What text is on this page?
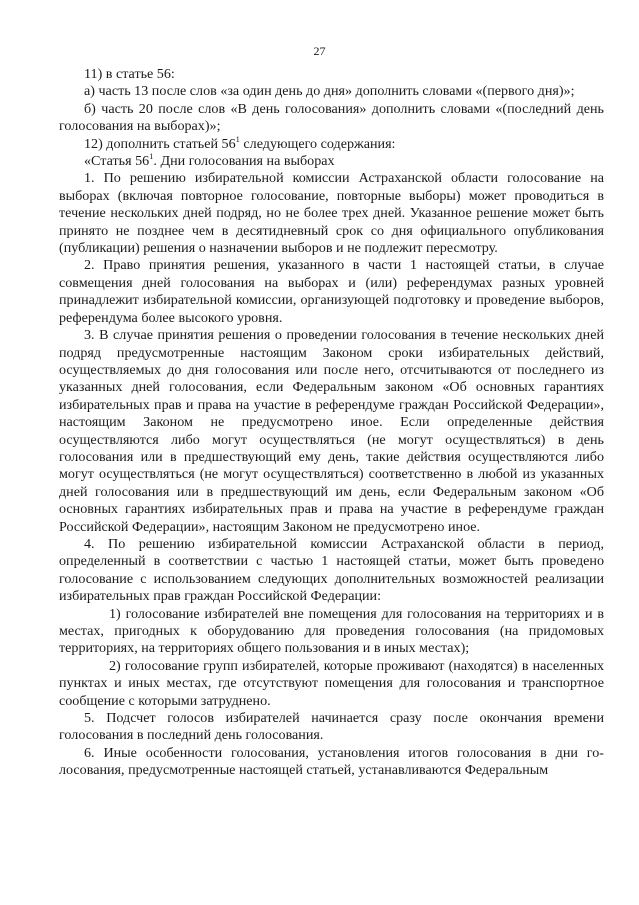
27

11) в статье 56:

а) часть 13 после слов «за один день до дня» дополнить словами «(первого дня)»;

б) часть 20 после слов «В день голосования» дополнить словами «(последний день голосования на выборах)»;

12) дополнить статьей $56^1$ следующего содержания:

«Статья $56^1$. Дни голосования на выборах

1. По решению избирательной комиссии Астраханской области голосование на выборах (включая повторное голосование, повторные выборы) может проводиться в течение нескольких дней подряд, но не более трех дней. Указанное решение может быть принято не позднее чем в десятидневный срок со дня официального опубликования (публикации) решения о назначении выборов и не подлежит пересмотру.

2. Право принятия решения, указанного в части 1 настоящей статьи, в случае совмещения дней голосования на выборах и (или) референдумах разных уровней принадлежит избирательной комиссии, организующей подготовку и проведение выборов, референдума более высокого уровня.

3. В случае принятия решения о проведении голосования в течение нескольких дней подряд предусмотренные настоящим Законом сроки избирательных действий, осуществляемых до дня голосования или после него, отсчитываются от последнего из указанных дней голосования, если Федеральным законом «Об основных гарантиях избирательных прав и права на участие в референдуме граждан Российской Федерации», настоящим Законом не предусмотрено иное. Если определенные действия осуществляются либо могут осуществляться (не могут осуществляться) в день голосования или в предшествующий ему день, такие действия осуществляются либо могут осуществляться (не могут осуществляться) соответственно в любой из указанных дней голосования или в предшествующий им день, если Федеральным законом «Об основных гарантиях избирательных прав и права на участие в референдуме граждан Российской Федерации», настоящим Законом не предусмотрено иное.

4. По решению избирательной комиссии Астраханской области в период, определенный в соответствии с частью 1 настоящей статьи, может быть проведено голосование с использованием следующих дополнительных возможностей реализации избирательных прав граждан Российской Федерации:

1) голосование избирателей вне помещения для голосования на территориях и в местах, пригодных к оборудованию для проведения голосования (на придомовых территориях, на территориях общего пользования и в иных местах);

2) голосование групп избирателей, которые проживают (находятся) в населенных пунктах и иных местах, где отсутствуют помещения для голосования и транспортное сообщение с которыми затруднено.

5. Подсчет голосов избирателей начинается сразу после окончания времени голосования в последний день голосования.

6. Иные особенности голосования, установления итогов голосования в дни голосования, предусмотренные настоящей статьей, устанавливаются Федеральным
